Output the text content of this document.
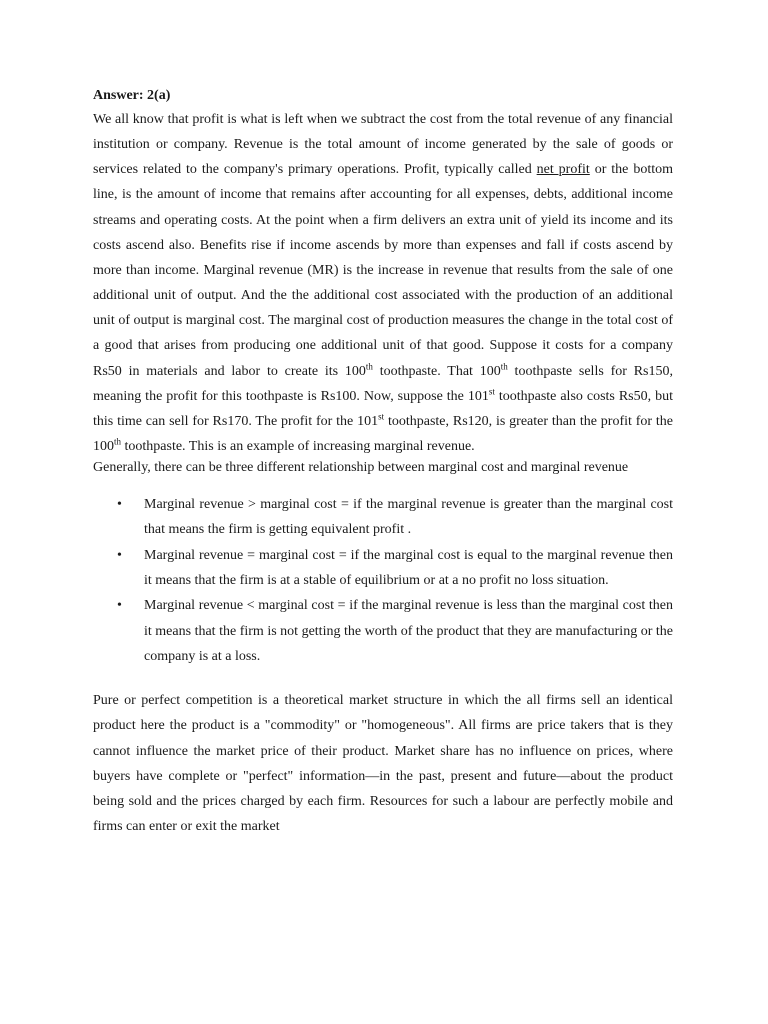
Answer: 2(a)

We all know that profit is what is left when we subtract the cost from the total revenue of any financial institution or company. Revenue is the total amount of income generated by the sale of goods or services related to the company's primary operations. Profit, typically called net profit or the bottom line, is the amount of income that remains after accounting for all expenses, debts, additional income streams and operating costs. At the point when a firm delivers an extra unit of yield its income and its costs ascend also. Benefits rise if income ascends by more than expenses and fall if costs ascend by more than income. Marginal revenue (MR) is the increase in revenue that results from the sale of one additional unit of output. And the the additional cost associated with the production of an additional unit of output is marginal cost. The marginal cost of production measures the change in the total cost of a good that arises from producing one additional unit of that good. Suppose it costs for a company Rs50 in materials and labor to create its 100th toothpaste. That 100th toothpaste sells for Rs150, meaning the profit for this toothpaste is Rs100. Now, suppose the 101st toothpaste also costs Rs50, but this time can sell for Rs170. The profit for the 101st toothpaste, Rs120, is greater than the profit for the 100th toothpaste. This is an example of increasing marginal revenue.

Generally, there can be three different relationship between marginal cost and marginal revenue

• Marginal revenue > marginal cost = if the marginal revenue is greater than the marginal cost that means the firm is getting equivalent profit .
• Marginal revenue = marginal cost = if the marginal cost is equal to the marginal revenue then it means that the firm is at a stable of equilibrium or at a no profit no loss situation.
• Marginal revenue < marginal cost = if the marginal revenue is less than the marginal cost then it means that the firm is not getting the worth of the product that they are manufacturing or the company is at a loss.

Pure or perfect competition is a theoretical market structure in which the all firms sell an identical product here the product is a "commodity" or "homogeneous". All firms are price takers that is they cannot influence the market price of their product. Market share has no influence on prices, where buyers have complete or "perfect" information—in the past, present and future—about the product being sold and the prices charged by each firm. Resources for such a labour are perfectly mobile and firms can enter or exit the market
